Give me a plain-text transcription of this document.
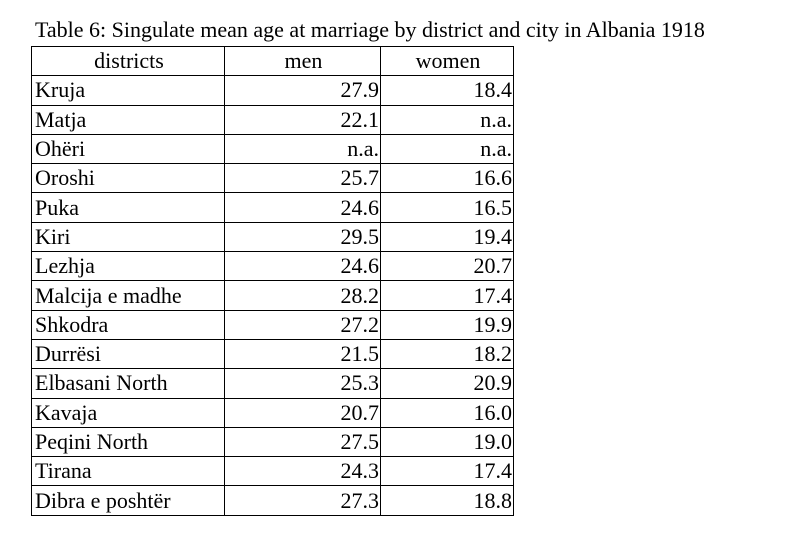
Table 6: Singulate mean age at marriage by district and city in Albania 1918
districts	men	women
Kruja	27.9	18.4
Matja	22.1	n.a.
Ohëri	n.a.	n.a.
Oroshi	25.7	16.6
Puka	24.6	16.5
Kiri	29.5	19.4
Lezhja	24.6	20.7
Malcija e madhe	28.2	17.4
Shkodra	27.2	19.9
Durrësi	21.5	18.2
Elbasani North	25.3	20.9
Kavaja	20.7	16.0
Peqini North	27.5	19.0
Tirana	24.3	17.4
Dibra e poshtër	27.3	18.8
